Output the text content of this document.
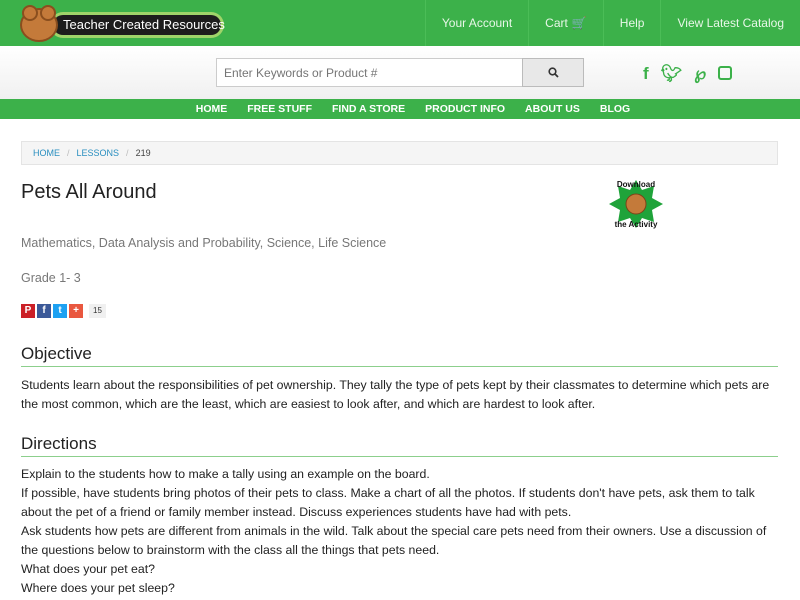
Teacher Created Resources	Your Account	Cart 🛒	Help	View Latest Catalog
Enter Keywords or Product #
f 🐦︎ ℘
HOME	FREE STUFF	FIND A STORE	PRODUCT INFO	ABOUT US	BLOG
HOME / LESSONS / 219
Pets All Around	Download
the Activity
Mathematics, Data Analysis and Probability, Science, Life Science
Grade 1- 3
P	f	t	+	15
Objective

Students learn about the responsibilities of pet ownership. They tally the type of pets kept by their classmates to determine which pets are the most common, which are the least, which are easiest to look after, and which are hardest to look after.

Directions

Explain to the students how to make a tally using an example on the board.

If possible, have students bring photos of their pets to class. Make a chart of all the photos. If students don't have pets, ask them to talk about the pet of a friend or family member instead. Discuss experiences students have had with pets.

Ask students how pets are different from animals in the wild. Talk about the special care pets need from their owners. Use a discussion of the questions below to brainstorm with the class all the things that pets need.

What does your pet eat?

Where does your pet sleep?
